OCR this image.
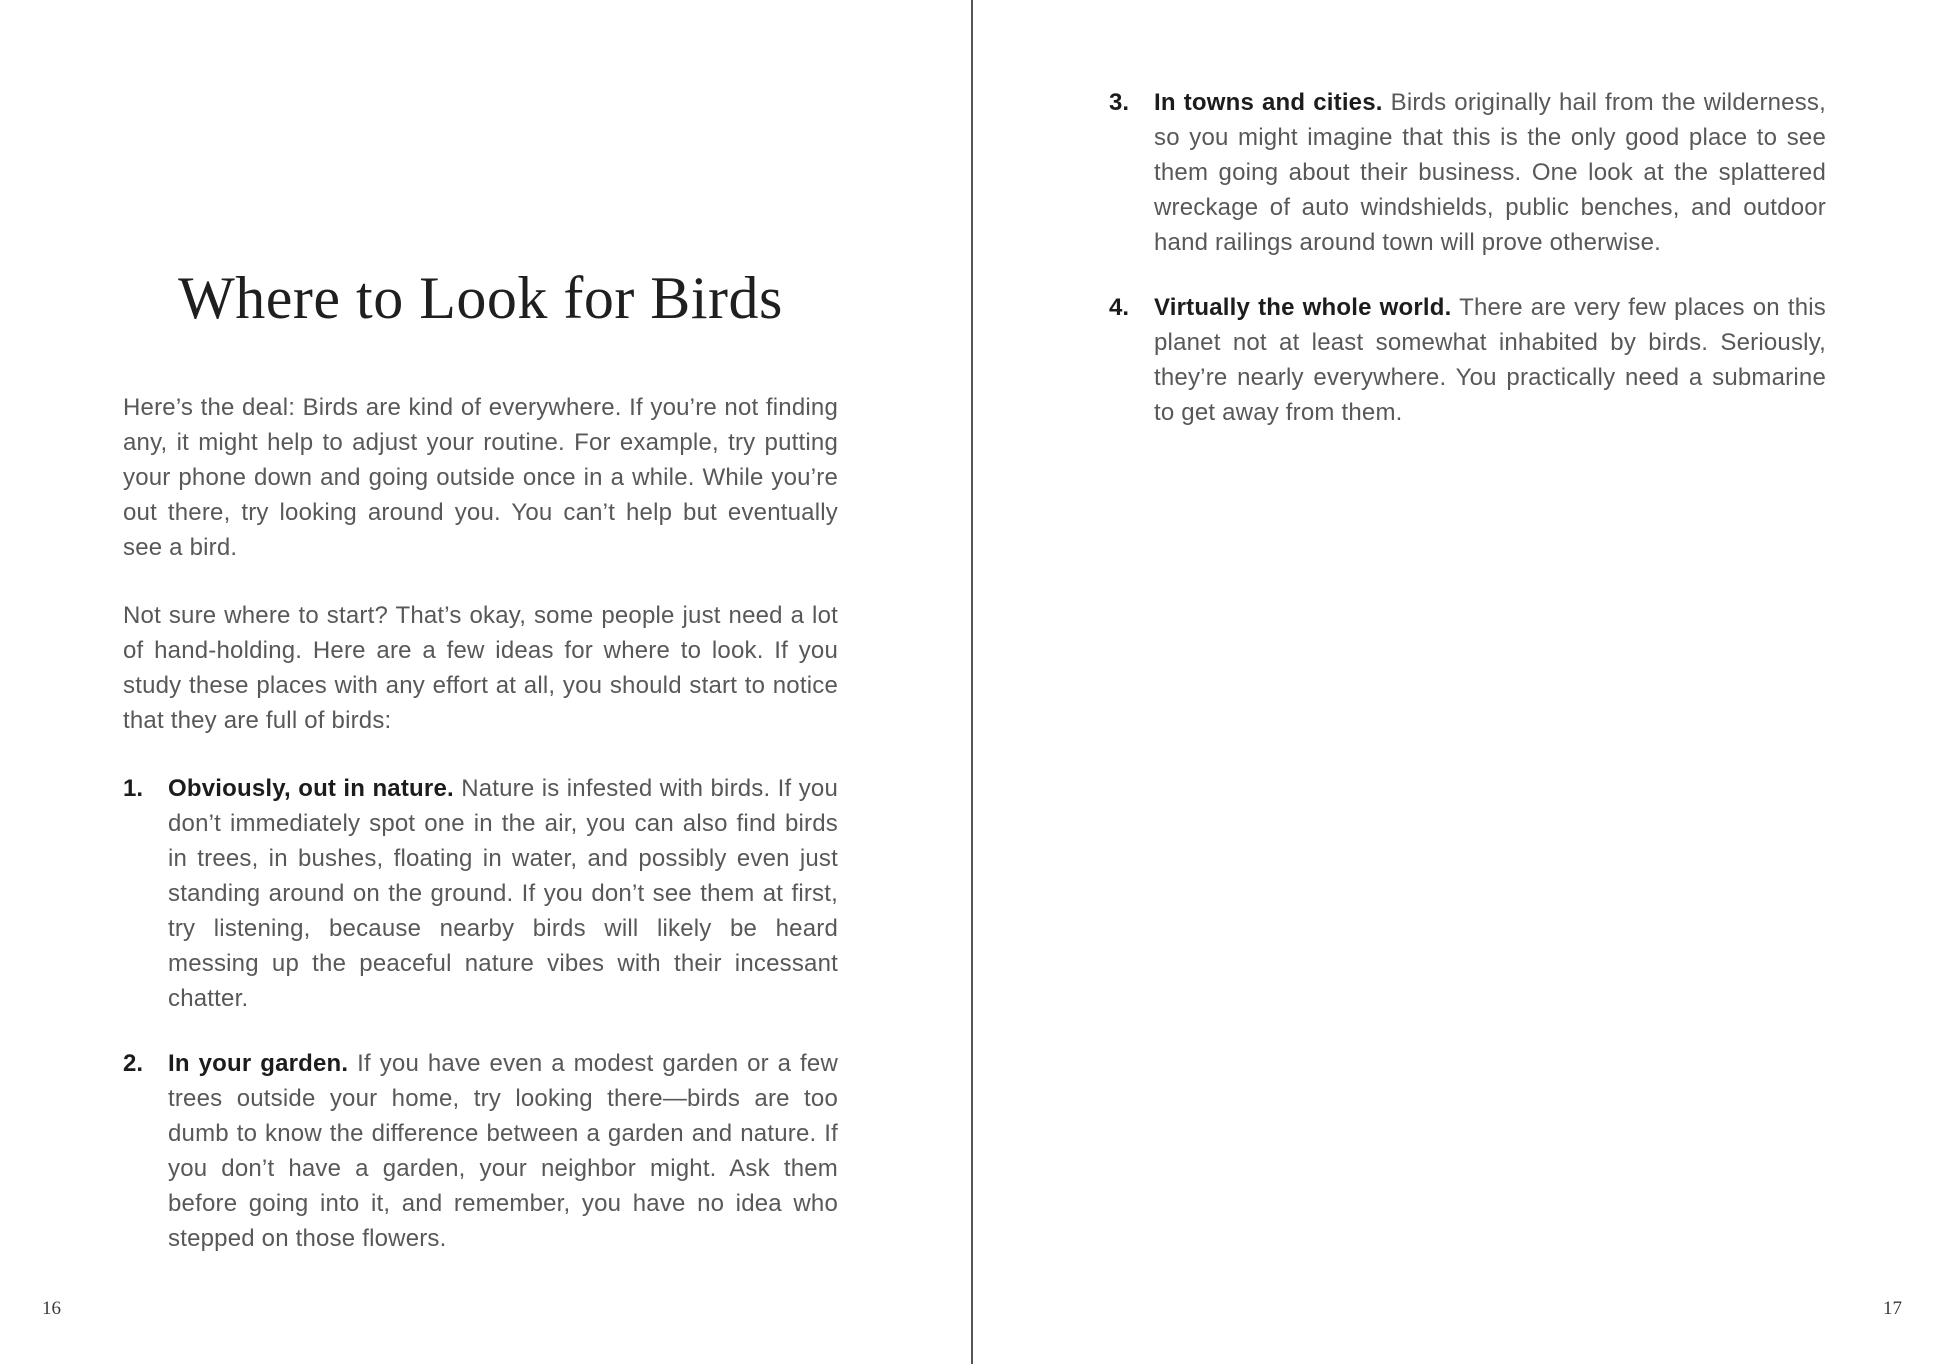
Where to Look for Birds

Here’s the deal: Birds are kind of everywhere. If you’re not finding any, it might help to adjust your routine. For example, try putting your phone down and going outside once in a while. While you’re out there, try looking around you. You can’t help but eventually see a bird.

Not sure where to start? That’s okay, some people just need a lot of hand-holding. Here are a few ideas for where to look. If you study these places with any effort at all, you should start to notice that they are full of birds:

1.	Obviously, out in nature. Nature is infested with birds. If you don’t immediately spot one in the air, you can also find birds in trees, in bushes, floating in water, and possibly even just standing around on the ground. If you don’t see them at first, try listening, because nearby birds will likely be heard messing up the peaceful nature vibes with their incessant chatter.
2.	In your garden. If you have even a modest garden or a few trees outside your home, try looking there—birds are too dumb to know the difference between a garden and nature. If you don’t have a garden, your neighbor might. Ask them before going into it, and remember, you have no idea who stepped on those flowers.
16
3.	In towns and cities. Birds originally hail from the wilderness, so you might imagine that this is the only good place to see them going about their business. One look at the splattered wreckage of auto windshields, public benches, and outdoor hand railings around town will prove otherwise.
4.	Virtually the whole world. There are very few places on this planet not at least somewhat inhabited by birds. Seriously, they’re nearly everywhere. You practically need a submarine to get away from them.
17
